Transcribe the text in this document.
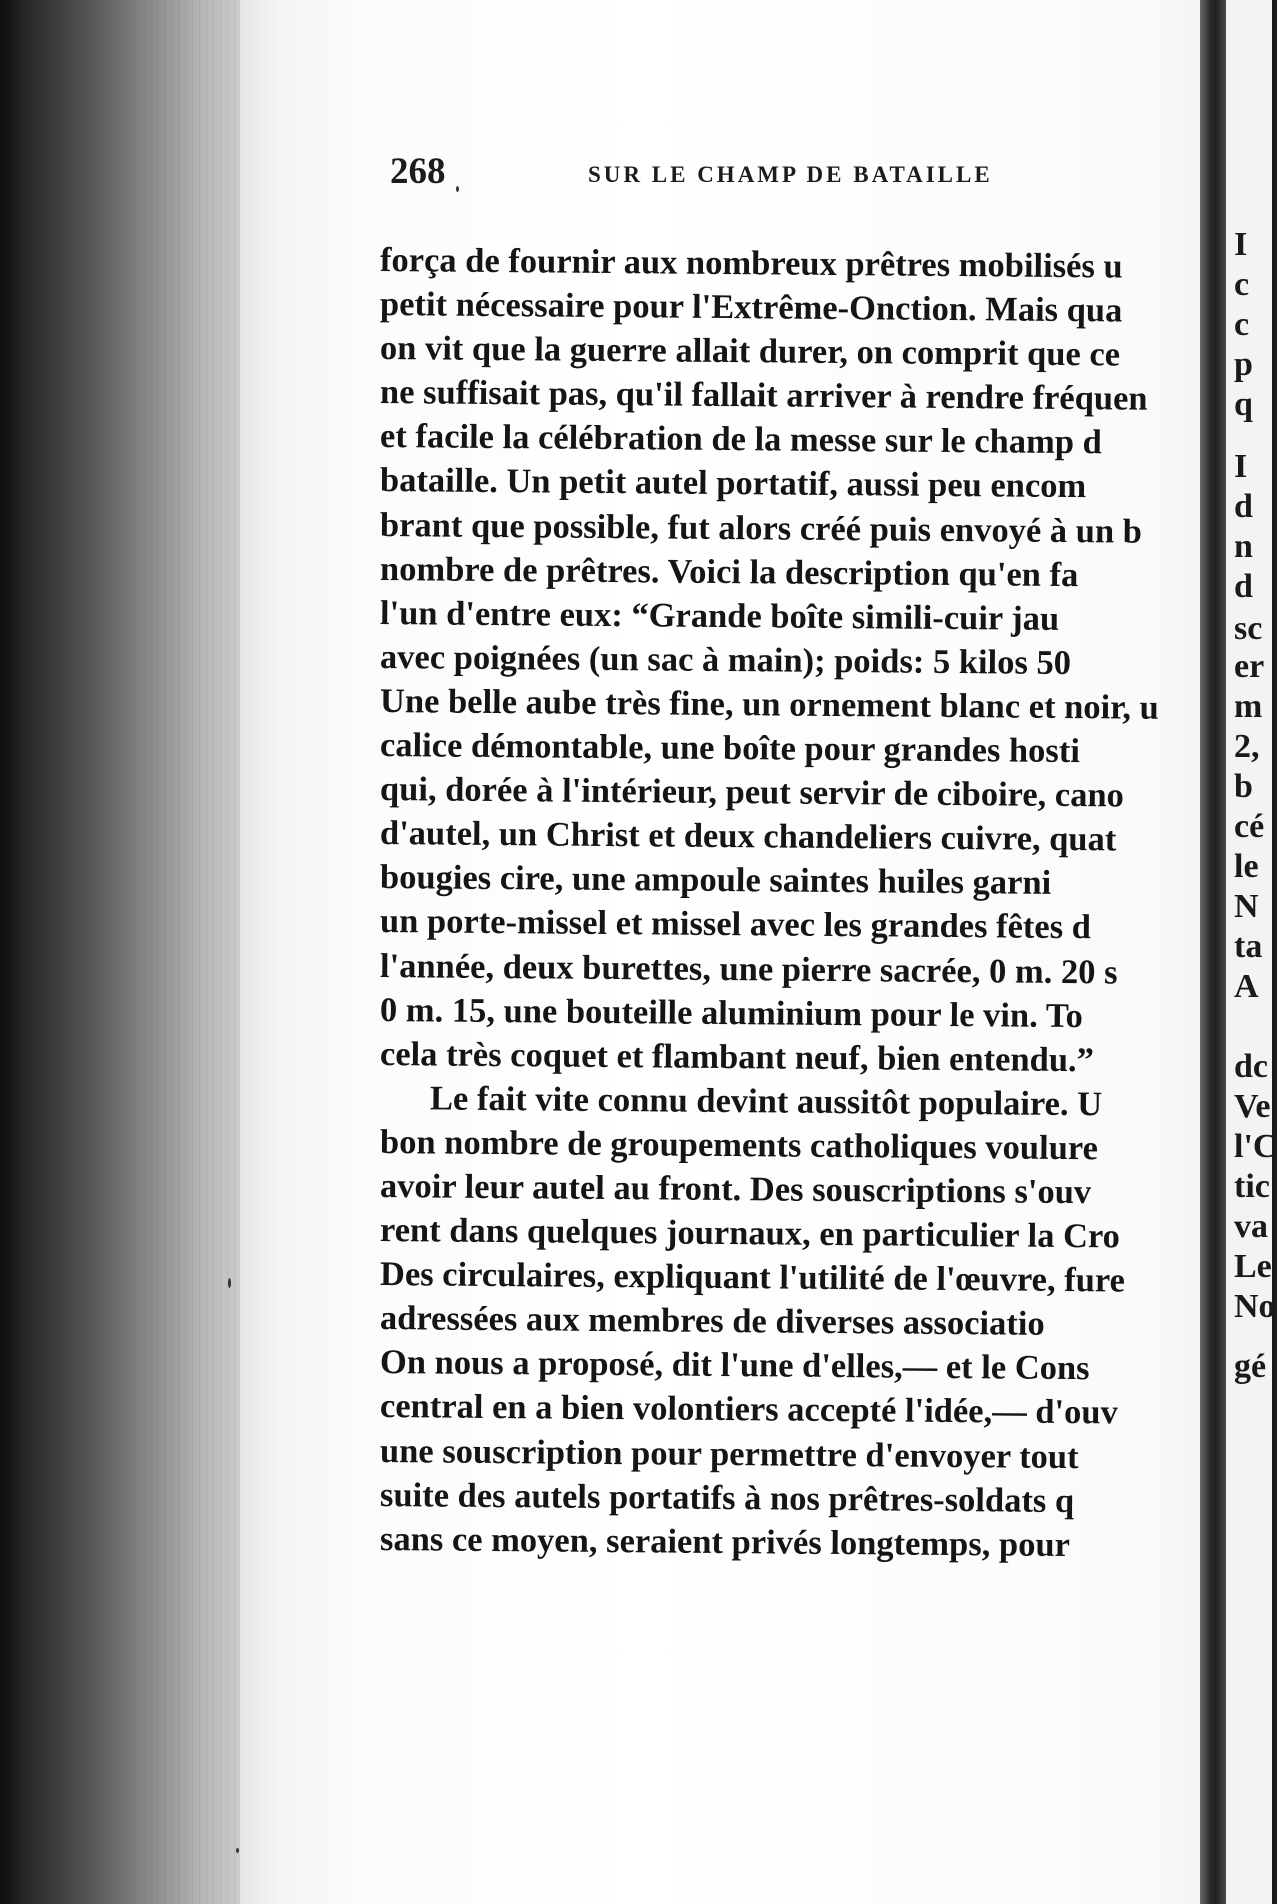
I
c
c
p
q
I
d
n
d
sc
er
m
2,
b
cé
le
N
ta
A
dc
Ve
l'C
tic
va
Le
No
gé
268	SUR LE CHAMP DE BATAILLE
força de fournir aux nombreux prêtres mobilisés u
petit nécessaire pour l'Extrême-Onction. Mais qua
on vit que la guerre allait durer, on comprit que ce
ne suffisait pas, qu'il fallait arriver à rendre fréquen
et facile la célébration de la messe sur le champ d
bataille. Un petit autel portatif, aussi peu encom
brant que possible, fut alors créé puis envoyé à un b
nombre de prêtres. Voici la description qu'en fa
l'un d'entre eux: “Grande boîte simili-cuir jau
avec poignées (un sac à main); poids: 5 kilos 50
Une belle aube très fine, un ornement blanc et noir, u
calice démontable, une boîte pour grandes hosti
qui, dorée à l'intérieur, peut servir de ciboire, cano
d'autel, un Christ et deux chandeliers cuivre, quat
bougies cire, une ampoule saintes huiles garni
un porte-missel et missel avec les grandes fêtes d
l'année, deux burettes, une pierre sacrée, 0 m. 20 s
0 m. 15, une bouteille aluminium pour le vin. To
cela très coquet et flambant neuf, bien entendu.”
Le fait vite connu devint aussitôt populaire. U
bon nombre de groupements catholiques voulure
avoir leur autel au front. Des souscriptions s'ouv
rent dans quelques journaux, en particulier la Cro
Des circulaires, expliquant l'utilité de l'œuvre, fure
adressées aux membres de diverses associatio
On nous a proposé, dit l'une d'elles,— et le Cons
central en a bien volontiers accepté l'idée,— d'ouv
une souscription pour permettre d'envoyer tout
suite des autels portatifs à nos prêtres-soldats q
sans ce moyen, seraient privés longtemps, pour
